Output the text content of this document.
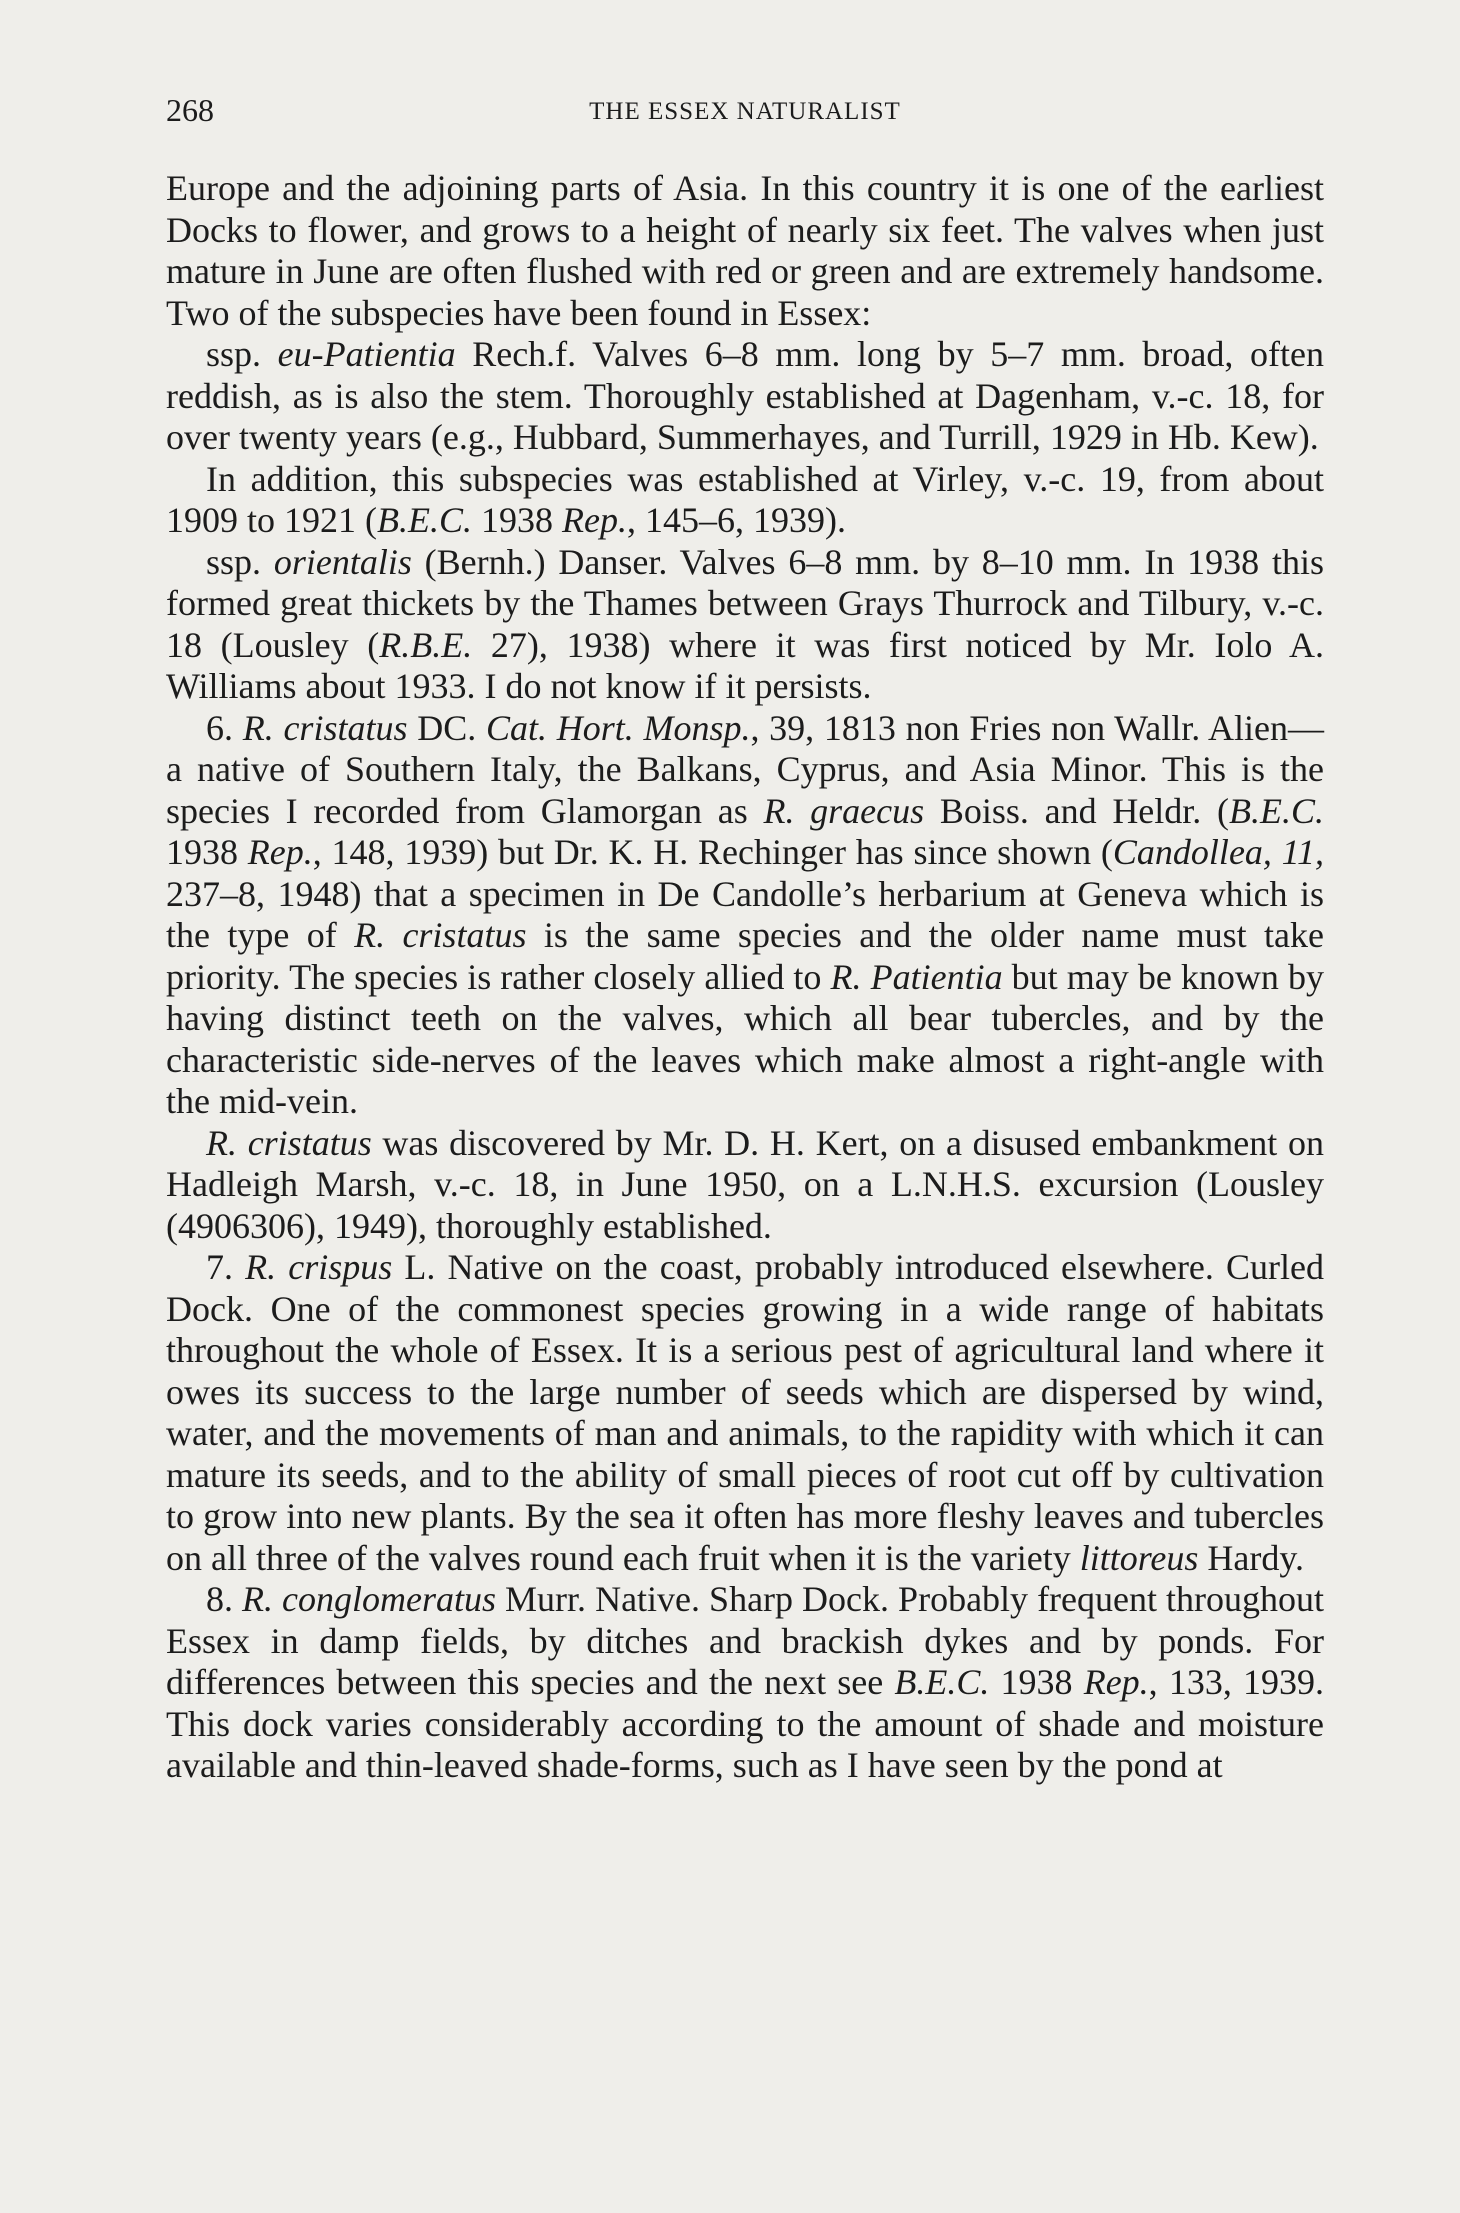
268	THE ESSEX NATURALIST

Europe and the adjoining parts of Asia. In this country it is one of the earliest Docks to flower, and grows to a height of nearly six feet. The valves when just mature in June are often flushed with red or green and are extremely handsome. Two of the subspecies have been found in Essex:

ssp. eu-Patientia Rech.f. Valves 6–8 mm. long by 5–7 mm. broad, often reddish, as is also the stem. Thoroughly established at Dagenham, v.-c. 18, for over twenty years (e.g., Hubbard, Summerhayes, and Turrill, 1929 in Hb. Kew).

In addition, this subspecies was established at Virley, v.-c. 19, from about 1909 to 1921 (B.E.C. 1938 Rep., 145–6, 1939).

ssp. orientalis (Bernh.) Danser. Valves 6–8 mm. by 8–10 mm. In 1938 this formed great thickets by the Thames between Grays Thurrock and Tilbury, v.-c. 18 (Lousley (R.B.E. 27), 1938) where it was first noticed by Mr. Iolo A. Williams about 1933. I do not know if it persists.

6. R. cristatus DC. Cat. Hort. Monsp., 39, 1813 non Fries non Wallr. Alien—a native of Southern Italy, the Balkans, Cyprus, and Asia Minor. This is the species I recorded from Glamorgan as R. graecus Boiss. and Heldr. (B.E.C. 1938 Rep., 148, 1939) but Dr. K. H. Rechinger has since shown (Candollea, 11, 237–8, 1948) that a specimen in De Candolle’s herbarium at Geneva which is the type of R. cristatus is the same species and the older name must take priority. The species is rather closely allied to R. Patientia but may be known by having distinct teeth on the valves, which all bear tubercles, and by the characteristic side-nerves of the leaves which make almost a right-angle with the mid-vein.

R. cristatus was discovered by Mr. D. H. Kert, on a disused embankment on Hadleigh Marsh, v.-c. 18, in June 1950, on a L.N.H.S. excursion (Lousley (4906306), 1949), thoroughly established.

7. R. crispus L. Native on the coast, probably introduced elsewhere. Curled Dock. One of the commonest species growing in a wide range of habitats throughout the whole of Essex. It is a serious pest of agricultural land where it owes its success to the large number of seeds which are dispersed by wind, water, and the movements of man and animals, to the rapidity with which it can mature its seeds, and to the ability of small pieces of root cut off by cultivation to grow into new plants. By the sea it often has more fleshy leaves and tubercles on all three of the valves round each fruit when it is the variety littoreus Hardy.

8. R. conglomeratus Murr. Native. Sharp Dock. Probably frequent throughout Essex in damp fields, by ditches and brackish dykes and by ponds. For differences between this species and the next see B.E.C. 1938 Rep., 133, 1939. This dock varies considerably according to the amount of shade and moisture available and thin-leaved shade-forms, such as I have seen by the pond at
